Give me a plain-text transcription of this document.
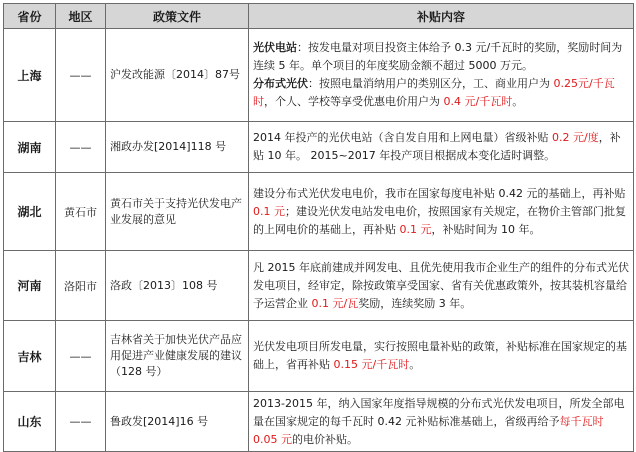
省份	地区	政策文件	补贴内容
上海	——	沪发改能源〔2014〕87号	光伏电站：按发电量对项目投资主体给予 0.3 元/千瓦时的奖励，奖励时间为连续 5 年。单个项目的年度奖励金额不超过 5000 万元。
分布式光伏：按照电量消纳用户的类别区分，工、商业用户为 0.25元/千瓦时，个人、学校等享受优惠电价用户为 0.4 元/千瓦时。
湖南	——	湘政办发[2014]118 号	2014 年投产的光伏电站（含自发自用和上网电量）省级补贴 0.2 元/度，补贴 10 年。 2015~2017 年投产项目根据成本变化适时调整。
湖北	黄石市	黄石市关于支持光伏发电产业发展的意见	建设分布式光伏发电电价，我市在国家每度电补贴 0.42 元的基础上，再补贴 0.1 元；建设光伏发电站发电电价，按照国家有关规定，在物价主管部门批复的上网电价的基础上，再补贴 0.1 元，补贴时间为 10 年。
河南	洛阳市	洛政〔2013〕108 号	凡 2015 年底前建成并网发电、且优先使用我市企业生产的组件的分布式光伏发电项目，经审定，除按政策享受国家、省有关优惠政策外，按其装机容量给予运营企业 0.1 元/瓦奖励，连续奖励 3 年。
吉林	——	吉林省关于加快光伏产品应用促进产业健康发展的建议（128 号）	光伏发电项目所发电量，实行按照电量补贴的政策，补贴标准在国家规定的基础上，省再补贴 0.15 元/千瓦时。
山东	——	鲁政发[2014]16 号	2013-2015 年，纳入国家年度指导规模的分布式光伏发电项目，所发全部电量在国家规定的每千瓦时 0.42 元补贴标准基础上，省级再给予每千瓦时 0.05 元的电价补贴。
